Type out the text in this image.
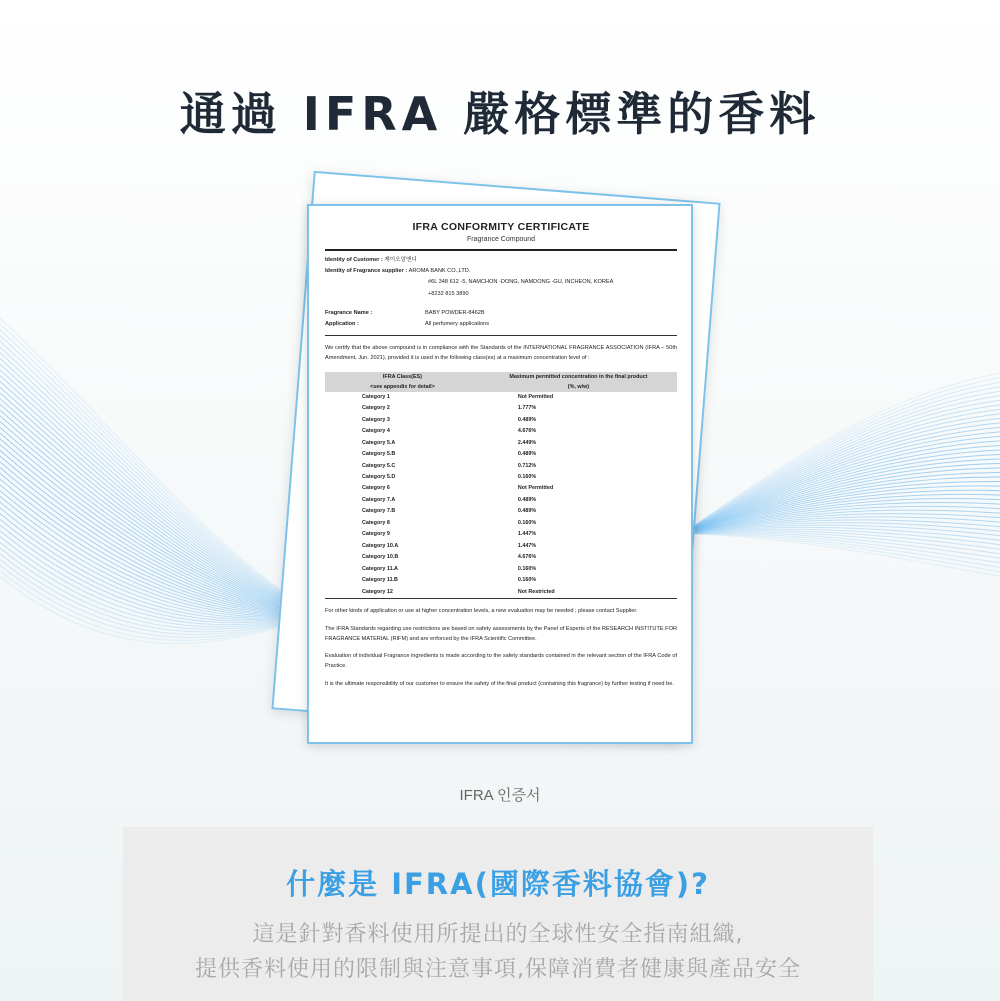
通過 IFRA 嚴格標準的香料
IFRA CONFORMITY CERTIFICATE
Fragrance Compound
Identity of Customer :
제이오알앤디
Identity of Fragrance supplier :
AROMA BANK CO.,LTD.
#6L 348 612 -5, NAMCHON -DONG, NAMDONG -GU, INCHEON, KOREA
+8232 815 3890
Fragrance Name :	BABY POWDER-8462B
Application :	All perfumery applications
We certify that the above compound is in compliance with the Standards of the INTERNATIONAL FRAGRANCE ASSOCIATION (IFRA – 50th Amendment, Jun. 2021), provided it is used in the following class(es) at a maximum concentration level of :
IFRA Class(ES)	Maximum permitted concentration in the final product
<see appendix for detail>	(%, w/w)
Category 1	Not Permitted
Category 2	1.777%
Category 3	0.489%
Category 4	4.676%
Category 5.A	2.449%
Category 5.B	0.489%
Category 5.C	0.712%
Category 5.D	0.160%
Category 6	Not Permitted
Category 7.A	0.489%
Category 7.B	0.489%
Category 8	0.160%
Category 9	1.447%
Category 10.A	1.447%
Category 10.B	4.676%
Category 11.A	0.160%
Category 11.B	0.160%
Category 12	Not Restricted
For other kinds of application or use at higher concentration levels, a new evaluation may be needed ; please contact Supplier.
The IFRA Standards regarding use restrictions are based on safety assessments by the Panel of Experts of the RESEARCH INSTITUTE FOR FRAGRANCE MATERIAL (RIFM) and are enforced by the IFRA Scientific Committee.
Evaluation of individual Fragrance ingredients is made according to the safety standards contained in the relevant section of the IFRA Code of Practice.
It is the ultimate responsibility of our customer to ensure the safety of the final product (containing this fragrance) by further testing if need be.
IFRA 인증서
什麼是 IFRA(國際香料協會)?
這是針對香料使用所提出的全球性安全指南組織,
提供香料使用的限制與注意事項,保障消費者健康與產品安全
